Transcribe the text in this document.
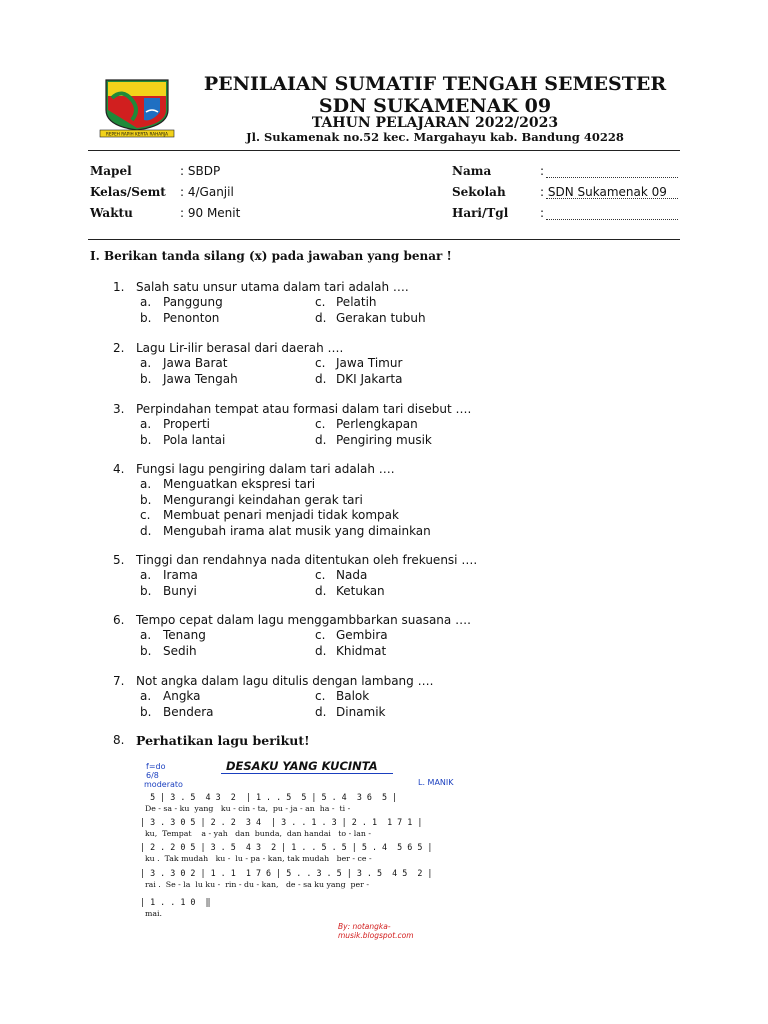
REPEH RAPIH KERTA RAHARJA
PENILAIAN SUMATIF TENGAH SEMESTER
SDN SUKAMENAK 09
TAHUN PELAJARAN 2022/2023
Jl. Sukamenak no.52 kec. Margahayu kab. Bandung 40228
Mapel	: SBDP
Kelas/Semt : 4/Ganjil
Waktu	: 90 Menit
Nama	:
Sekolah	: SDN Sukamenak 09
Hari/Tgl	:
I. Berikan tanda silang (x) pada jawaban yang benar !
1. Salah satu unsur utama dalam tari adalah ….
a. Panggung
b. Penonton
c. Pelatih
d. Gerakan tubuh
2. Lagu Lir-ilir berasal dari daerah ….
a. Jawa Barat
b. Jawa Tengah
c. Jawa Timur
d. DKI Jakarta
3. Perpindahan tempat atau formasi dalam tari disebut ….
a. Properti
b. Pola lantai
c. Perlengkapan
d. Pengiring musik
4. Fungsi lagu pengiring dalam tari adalah ….
a. Menguatkan ekspresi tari
b. Mengurangi keindahan gerak tari
c. Membuat penari menjadi tidak kompak
d. Mengubah irama alat musik yang dimainkan
5. Tinggi dan rendahnya nada ditentukan oleh frekuensi ….
a. Irama
b. Bunyi
c. Nada
d. Ketukan
6. Tempo cepat dalam lagu menggambbarkan suasana ….
a. Tenang
b. Sedih
c. Gembira
d. Khidmat
7. Not angka dalam lagu ditulis dengan lambang ….
a. Angka
b. Bendera
c. Balok
d. Dinamik
8. Perhatikan lagu berikut!
f=do
6/8
moderato
DESAKU YANG KUCINTA
L. MANIK
By: notangka-musik.blogspot.com
5 | 3 . 5  4 3  2  | 1 . . 5  5 | 5 . 4  3 6  5 |
De - sa - ku  yang   ku - cin - ta,  pu - ja - an  ha -  ti -
| 3 . 3 0 5 | 2 . 2  3 4  | 3 . . 1 . 3 | 2 . 1  1 7 1 |
ku,  Tempat    a - yah   dan  bunda,  dan handai   to - lan -
| 2 . 2 0 5 | 3 . 5  4 3  2 | 1 . . 5 . 5 | 5 . 4  5 6 5 |
ku .  Tak mudah   ku -  lu - pa - kan, tak mudah   ber - ce -
| 3 . 3 0 2 | 1 . 1  1 7 6 | 5 . . 3 . 5 | 3 . 5  4 5  2 |
rai .  Se - la  lu ku -  rin - du - kan,   de - sa ku yang  per -
| 1 . . 1 0  ‖
mai.
